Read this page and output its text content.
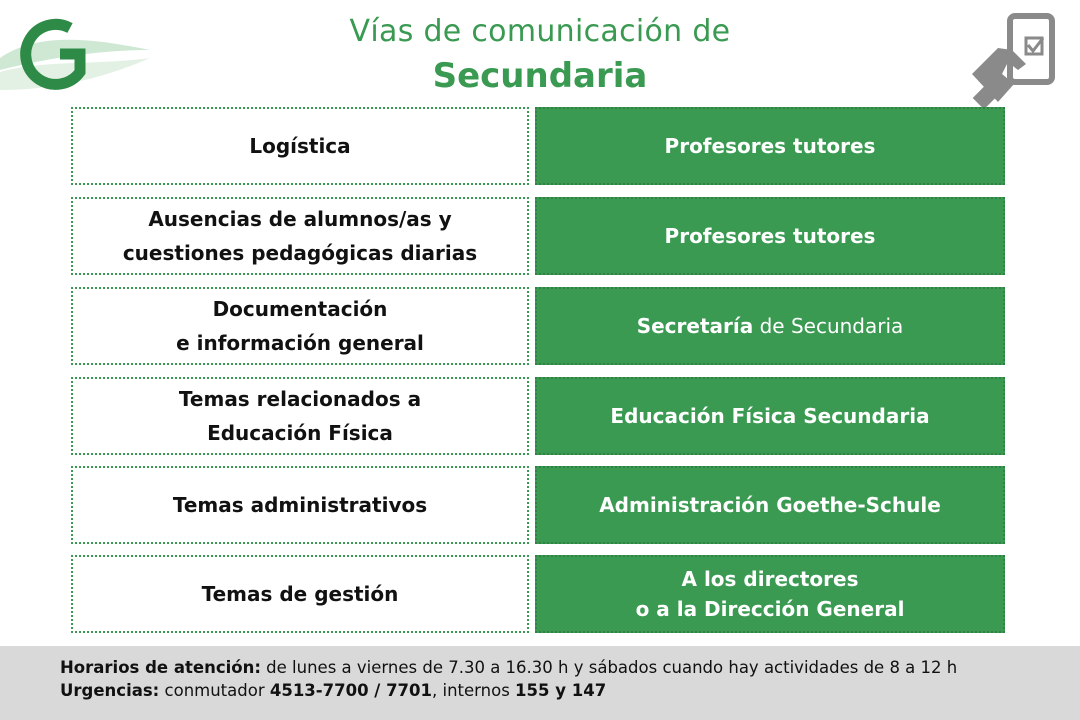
Vías de comunicación de
Secundaria
Logística	Profesores tutores
Ausencias de alumnos/as y
cuestiones pedagógicas diarias
Profesores tutores
Documentación
e información general
Secretaría de Secundaria
Temas relacionados a
Educación Física
Educación Física Secundaria
Temas administrativos	Administración Goethe-Schule
Temas de gestión
A los directores
o a la Dirección General
Horarios de atención: de lunes a viernes de 7.30 a 16.30 h y sábados cuando hay actividades de 8 a 12 h
Urgencias: conmutador 4513-7700 / 7701, internos 155 y 147
